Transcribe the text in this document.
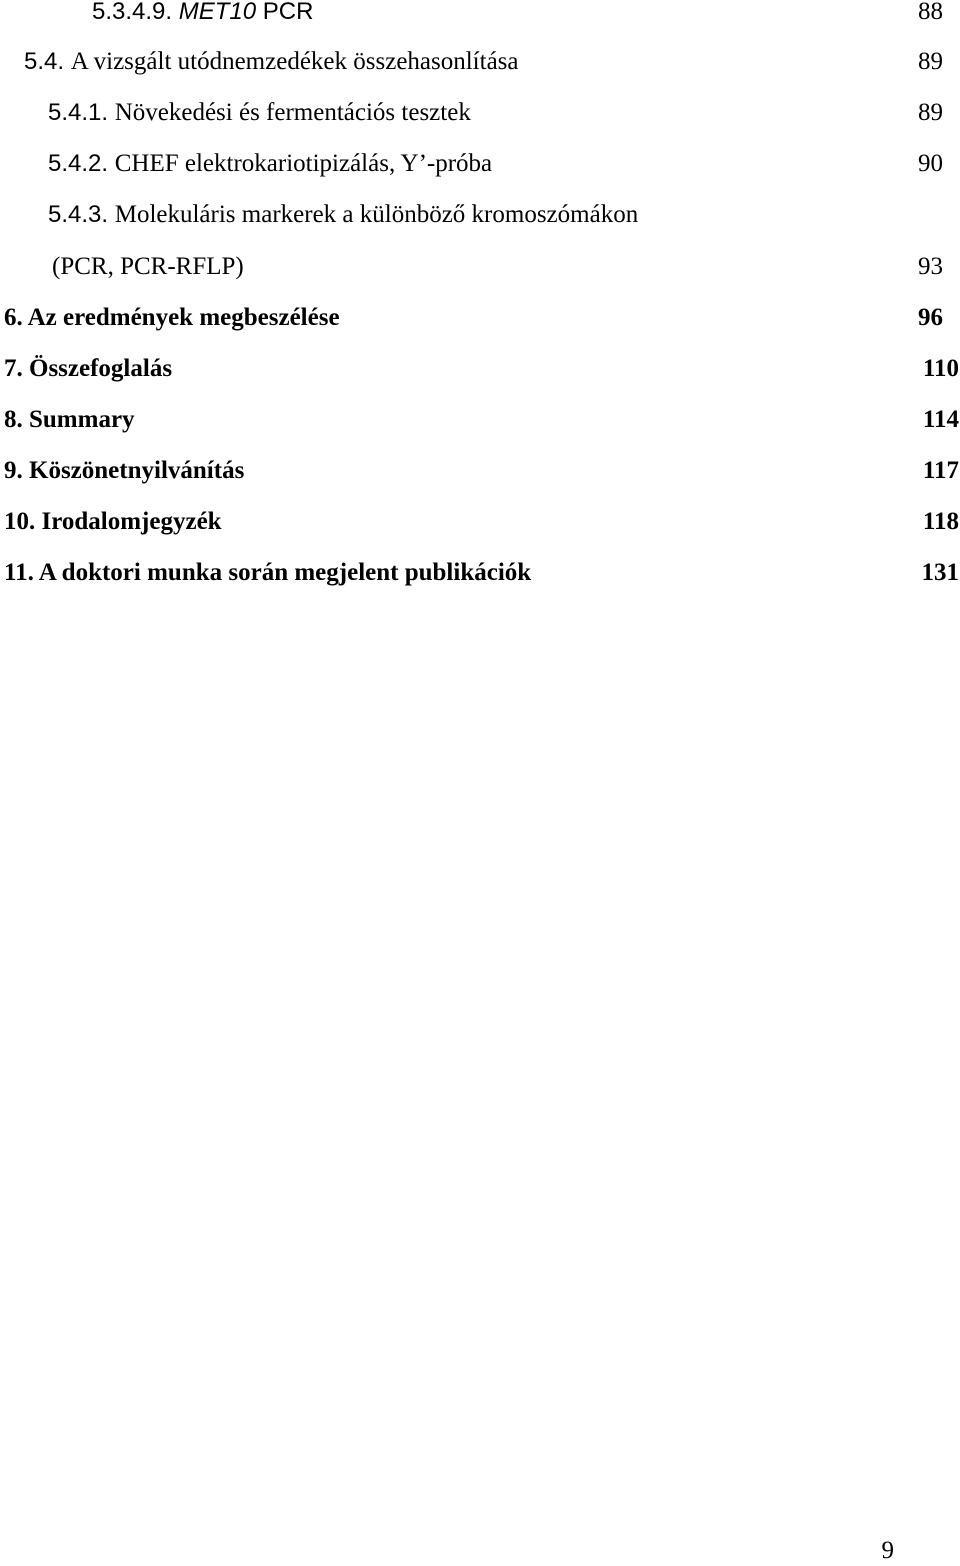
5.3.4.9. MET10 PCR	88
5.4. A vizsgált utódnemzedékek összehasonlítása	89
5.4.1. Növekedési és fermentációs tesztek	89
5.4.2. CHEF elektrokariotipizálás, Y’-próba	90
5.4.3. Molekuláris markerek a különböző kromoszómákon
(PCR, PCR-RFLP)	93
6. Az eredmények megbeszélése	96
7. Összefoglalás	110
8. Summary	114
9. Köszönetnyilvánítás	117
10. Irodalomjegyzék	118
11. A doktori munka során megjelent publikációk	131
9
